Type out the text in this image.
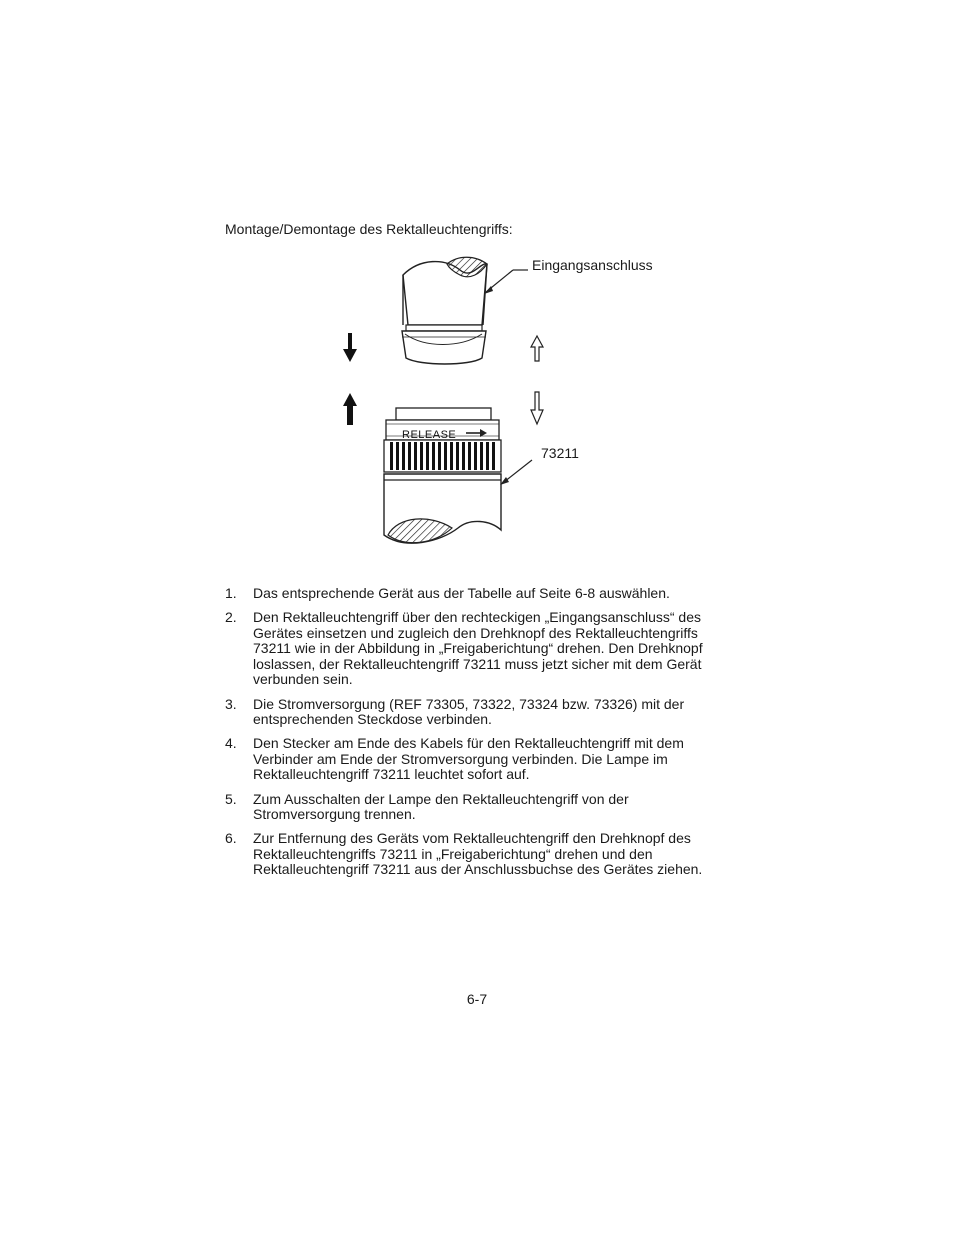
Montage/Demontage des Rektalleuchtengriffs:

RELEASE
Eingangsanschluss
73211
1.	Das entsprechende Gerät aus der Tabelle auf Seite 6-8 auswählen.
2.	Den Rektalleuchtengriff über den rechteckigen „Eingangsanschluss“ des Gerätes einsetzen und zugleich den Drehknopf des Rektalleuchtengriffs 73211 wie in der Abbildung in „Freigaberichtung“ drehen. Den Drehknopf loslassen, der Rektalleuchtengriff 73211 muss jetzt sicher mit dem Gerät verbunden sein.
3.	Die Stromversorgung (REF 73305, 73322, 73324 bzw. 73326) mit der entsprechenden Steckdose verbinden.
4.	Den Stecker am Ende des Kabels für den Rektalleuchtengriff mit dem Verbinder am Ende der Stromversorgung verbinden. Die Lampe im Rektalleuchtengriff 73211 leuchtet sofort auf.
5.	Zum Ausschalten der Lampe den Rektalleuchtengriff von der Stromversorgung trennen.
6.	Zur Entfernung des Geräts vom Rektalleuchtengriff den Drehknopf des Rektalleuchtengriffs 73211 in „Freigaberichtung“ drehen und den Rektalleuchtengriff 73211 aus der Anschlussbuchse des Gerätes ziehen.
6-7
